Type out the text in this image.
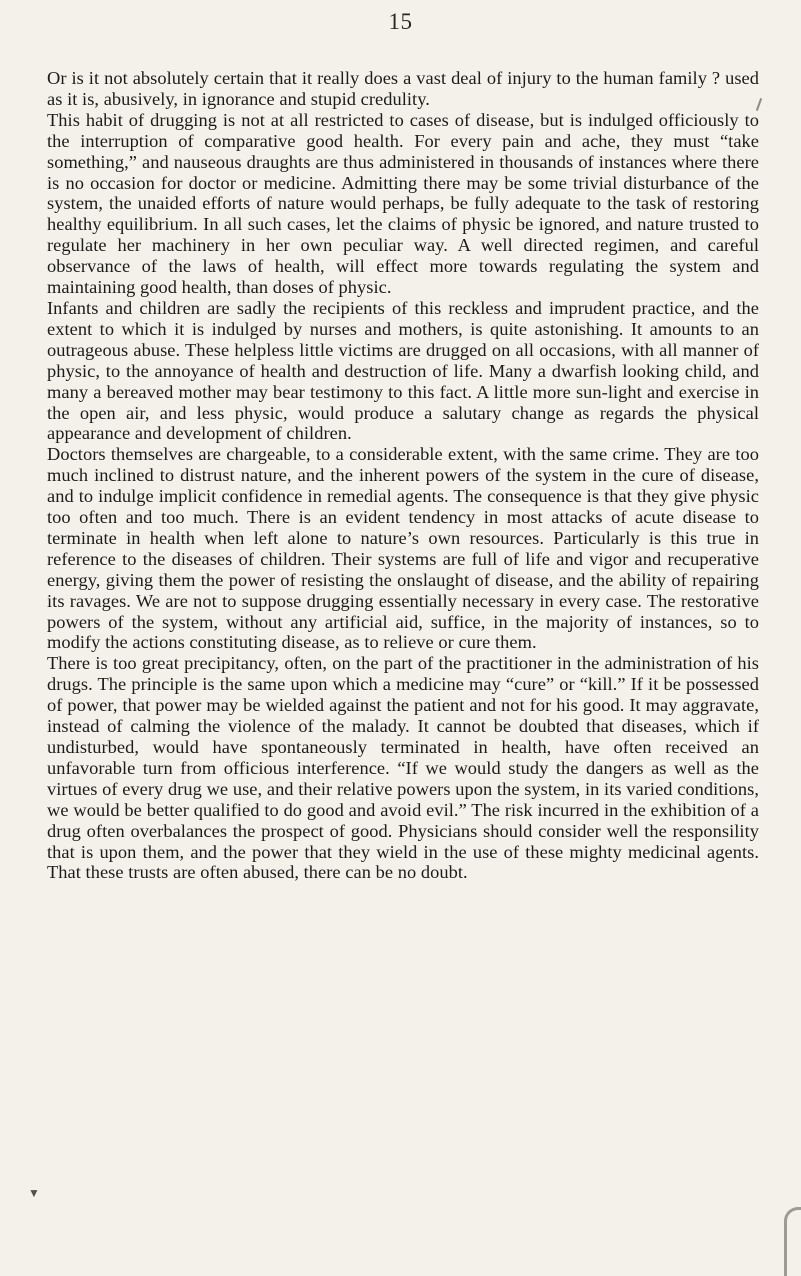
15

Or is it not absolutely certain that it really does a vast deal of injury to the human family ? used as it is, abusively, in ignorance and stupid credulity.

This habit of drugging is not at all restricted to cases of disease, but is indulged officiously to the interruption of comparative good health. For every pain and ache, they must “take something,” and nauseous draughts are thus administered in thousands of instances where there is no occasion for doctor or medicine. Admitting there may be some trivial disturbance of the system, the unaided efforts of nature would perhaps, be fully adequate to the task of restoring healthy equilibrium. In all such cases, let the claims of physic be ignored, and nature trusted to regulate her machinery in her own peculiar way. A well directed regimen, and careful observance of the laws of health, will effect more towards regulating the system and maintaining good health, than doses of physic.

Infants and children are sadly the recipients of this reckless and imprudent practice, and the extent to which it is indulged by nurses and mothers, is quite astonishing. It amounts to an outrageous abuse. These helpless little victims are drugged on all occasions, with all manner of physic, to the annoyance of health and destruction of life. Many a dwarfish looking child, and many a bereaved mother may bear testimony to this fact. A little more sun-light and exercise in the open air, and less physic, would produce a salutary change as regards the physical appearance and development of children.

Doctors themselves are chargeable, to a considerable extent, with the same crime. They are too much inclined to distrust nature, and the inherent powers of the system in the cure of disease, and to indulge implicit confidence in remedial agents. The consequence is that they give physic too often and too much. There is an evident tendency in most attacks of acute disease to terminate in health when left alone to nature’s own resources. Particularly is this true in reference to the diseases of children. Their systems are full of life and vigor and recuperative energy, giving them the power of resisting the onslaught of disease, and the ability of repairing its ravages. We are not to suppose drugging essentially necessary in every case. The restorative powers of the system, without any artificial aid, suffice, in the majority of instances, so to modify the actions constituting disease, as to relieve or cure them.

There is too great precipitancy, often, on the part of the practitioner in the administration of his drugs. The principle is the same upon which a medicine may “cure” or “kill.” If it be possessed of power, that power may be wielded against the patient and not for his good. It may aggravate, instead of calming the violence of the malady. It cannot be doubted that diseases, which if undisturbed, would have spontaneously terminated in health, have often received an unfavorable turn from officious interference. “If we would study the dangers as well as the virtues of every drug we use, and their relative powers upon the system, in its varied conditions, we would be better qualified to do good and avoid evil.” The risk incurred in the exhibition of a drug often overbalances the prospect of good. Physicians should consider well the responsility that is upon them, and the power that they wield in the use of these mighty medicinal agents. That these trusts are often abused, there can be no doubt.

▼
